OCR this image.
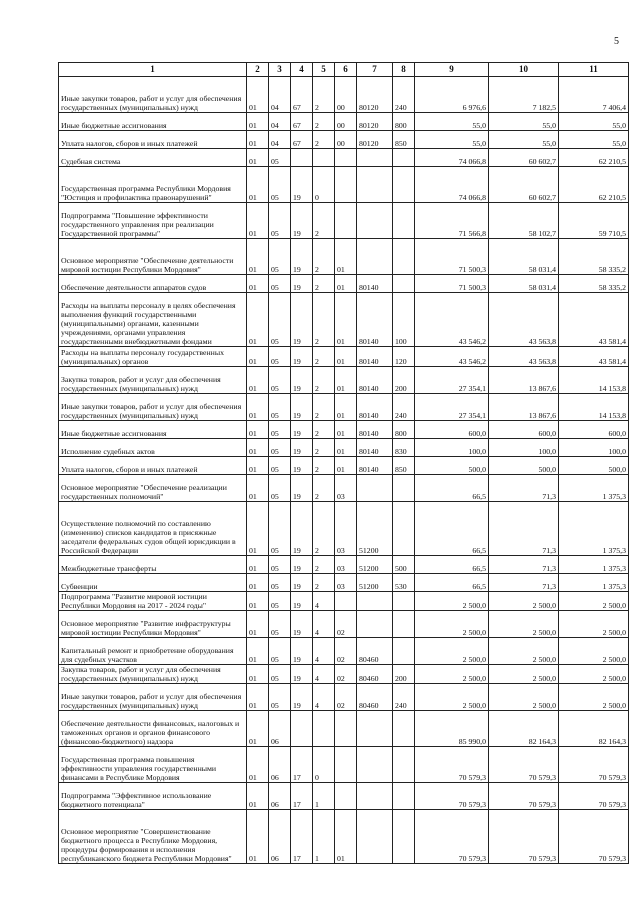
5
1	2	3	4	5	6	7	8	9	10	11
Иные закупки товаров, работ и услуг для обеспечения государственных (муниципальных) нужд	01	04	67	2	00	80120	240	6 976,6	7 182,5	7 406,4
Иные бюджетные ассигнования	01	04	67	2	00	80120	800	55,0	55,0	55,0
Уплата налогов, сборов и иных платежей	01	04	67	2	00	80120	850	55,0	55,0	55,0
Судебная система	01	05						74 066,8	60 602,7	62 210,5
Государственная программа Республики Мордовия "Юстиция и профилактика правонарушений"	01	05	19	0				74 066,8	60 602,7	62 210,5
Подпрограмма "Повышение эффективности государственного управления при реализации Государственной программы"	01	05	19	2				71 566,8	58 102,7	59 710,5
Основное мероприятие "Обеспечение деятельности мировой юстиции Республики Мордовия"	01	05	19	2	01			71 500,3	58 031,4	58 335,2
Обеспечение деятельности аппаратов судов	01	05	19	2	01	80140		71 500,3	58 031,4	58 335,2
Расходы на выплаты персоналу в целях обеспечения выполнения функций государственными (муниципальными) органами, казенными учреждениями, органами управления государственными внебюджетными фондами	01	05	19	2	01	80140	100	43 546,2	43 563,8	43 581,4
Расходы на выплаты персоналу государственных (муниципальных) органов	01	05	19	2	01	80140	120	43 546,2	43 563,8	43 581,4
Закупка товаров, работ и услуг для обеспечения государственных (муниципальных) нужд	01	05	19	2	01	80140	200	27 354,1	13 867,6	14 153,8
Иные закупки товаров, работ и услуг для обеспечения государственных (муниципальных) нужд	01	05	19	2	01	80140	240	27 354,1	13 867,6	14 153,8
Иные бюджетные ассигнования	01	05	19	2	01	80140	800	600,0	600,0	600,0
Исполнение судебных актов	01	05	19	2	01	80140	830	100,0	100,0	100,0
Уплата налогов, сборов и иных платежей	01	05	19	2	01	80140	850	500,0	500,0	500,0
Основное мероприятие "Обеспечение реализации государственных полномочий"	01	05	19	2	03			66,5	71,3	1 375,3
Осуществление полномочий по составлению (изменению) списков кандидатов в присяжные заседатели федеральных судов общей юрисдикции в Российской Федерации	01	05	19	2	03	51200		66,5	71,3	1 375,3
Межбюджетные трансферты	01	05	19	2	03	51200	500	66,5	71,3	1 375,3
Субвенции	01	05	19	2	03	51200	530	66,5	71,3	1 375,3
Подпрограмма "Развитие мировой юстиции Республики Мордовия на 2017 - 2024 годы"	01	05	19	4				2 500,0	2 500,0	2 500,0
Основное мероприятие "Развитие инфраструктуры мировой юстиции Республики Мордовия"	01	05	19	4	02			2 500,0	2 500,0	2 500,0
Капитальный ремонт и приобретение оборудования для судебных участков	01	05	19	4	02	80460		2 500,0	2 500,0	2 500,0
Закупка товаров, работ и услуг для обеспечения государственных (муниципальных) нужд	01	05	19	4	02	80460	200	2 500,0	2 500,0	2 500,0
Иные закупки товаров, работ и услуг для обеспечения государственных (муниципальных) нужд	01	05	19	4	02	80460	240	2 500,0	2 500,0	2 500,0
Обеспечение деятельности финансовых, налоговых и таможенных органов и органов финансового (финансово-бюджетного) надзора	01	06						85 990,0	82 164,3	82 164,3
Государственная программа повышения эффективности управления государственными финансами в Республике Мордовия	01	06	17	0				70 579,3	70 579,3	70 579,3
Подпрограмма "Эффективное использование бюджетного потенциала"	01	06	17	1				70 579,3	70 579,3	70 579,3
Основное мероприятие "Совершенствование бюджетного процесса в Республике Мордовия, процедуры формирования и исполнения республиканского бюджета Республики Мордовия"	01	06	17	1	01			70 579,3	70 579,3	70 579,3
